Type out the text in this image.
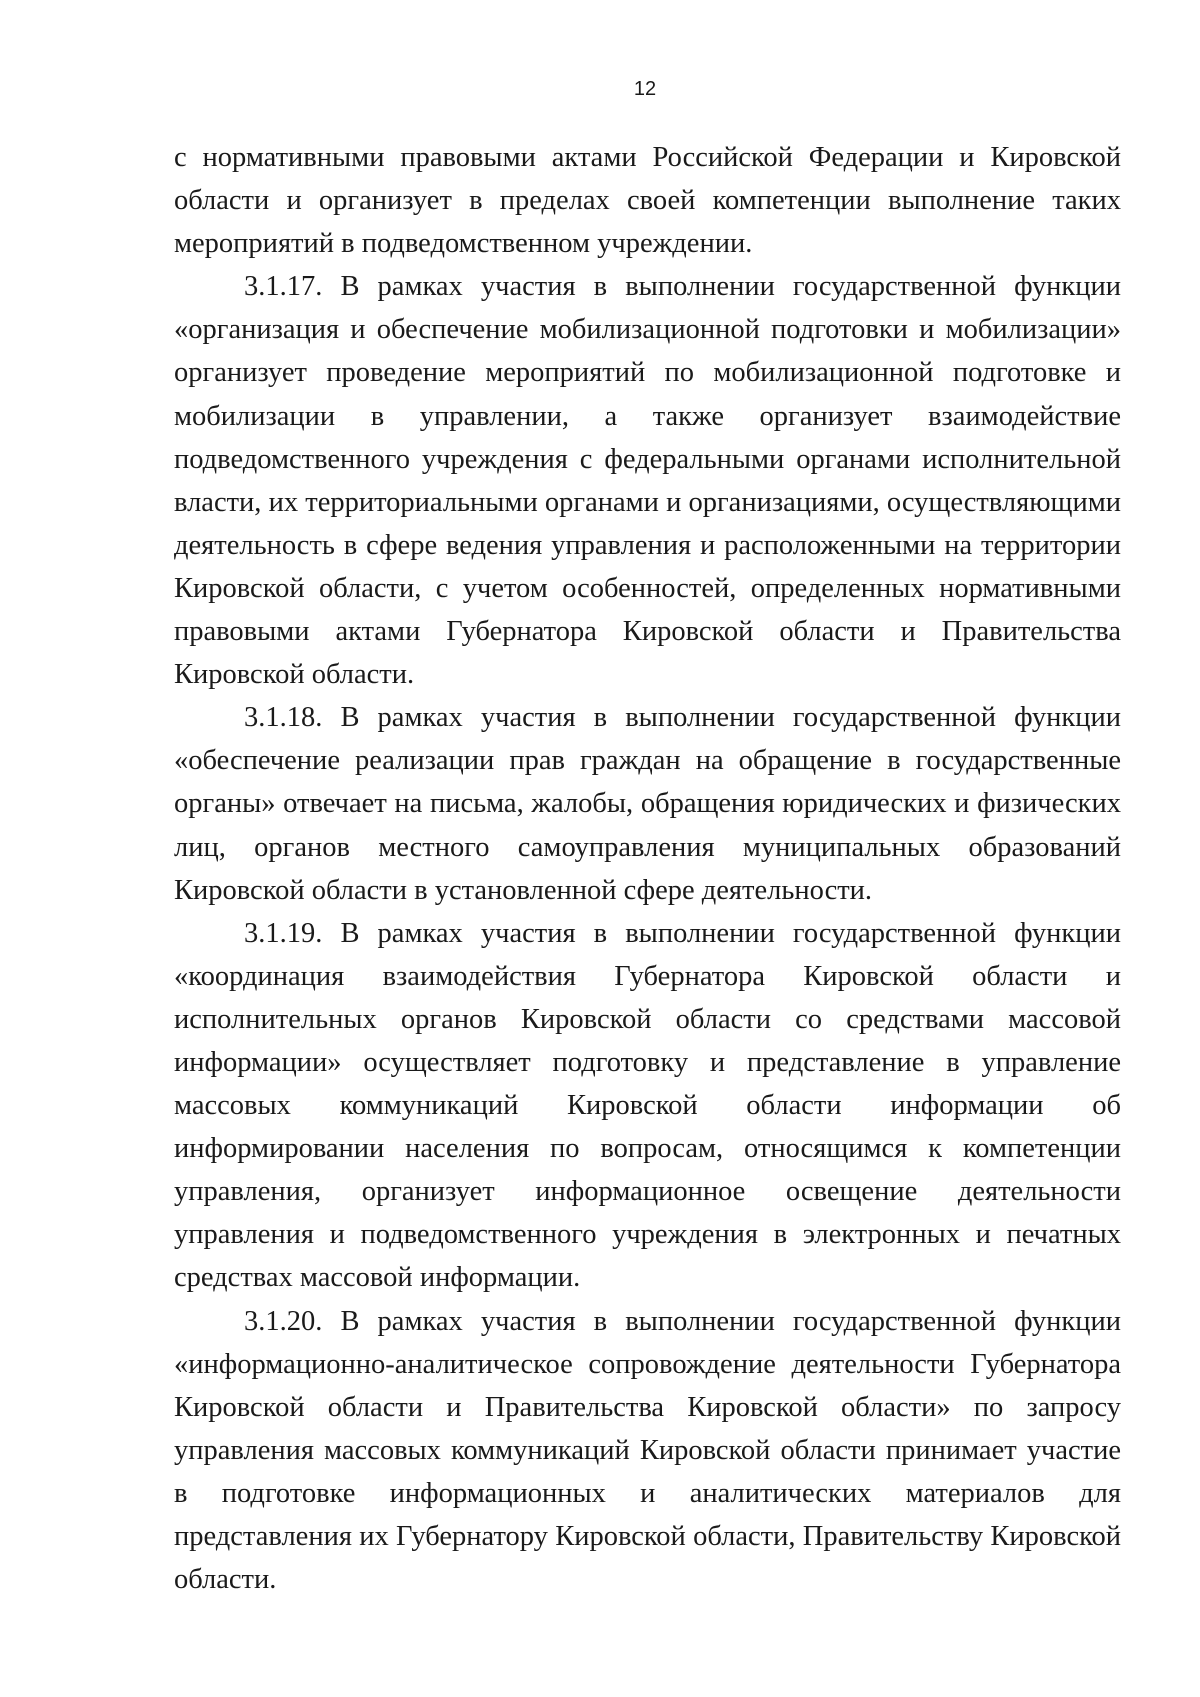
12

с нормативными правовыми актами Российской Федерации и Кировской области и организует в пределах своей компетенции выполнение таких мероприятий в подведомственном учреждении.

3.1.17. В рамках участия в выполнении государственной функции «организация и обеспечение мобилизационной подготовки и мобилизации» организует проведение мероприятий по мобилизационной подготовке и мобилизации в управлении, а также организует взаимодействие подведомственного учреждения с федеральными органами исполнительной власти, их территориальными органами и организациями, осуществляющими деятельность в сфере ведения управления и расположенными на территории Кировской области, с учетом особенностей, определенных нормативными правовыми актами Губернатора Кировской области и Правительства Кировской области.

3.1.18. В рамках участия в выполнении государственной функции «обеспечение реализации прав граждан на обращение в государственные органы» отвечает на письма, жалобы, обращения юридических и физических лиц, органов местного самоуправления муниципальных образований Кировской области в установленной сфере деятельности.

3.1.19. В рамках участия в выполнении государственной функции «координация взаимодействия Губернатора Кировской области и исполнительных органов Кировской области со средствами массовой информации» осуществляет подготовку и представление в управление массовых коммуникаций Кировской области информации об информировании населения по вопросам, относящимся к компетенции управления, организует информационное освещение деятельности управления и подведомственного учреждения в электронных и печатных средствах массовой информации.

3.1.20. В рамках участия в выполнении государственной функции «информационно-аналитическое сопровождение деятельности Губернатора Кировской области и Правительства Кировской области» по запросу управления массовых коммуникаций Кировской области принимает участие в подготовке информационных и аналитических материалов для представления их Губернатору Кировской области, Правительству Кировской области.
